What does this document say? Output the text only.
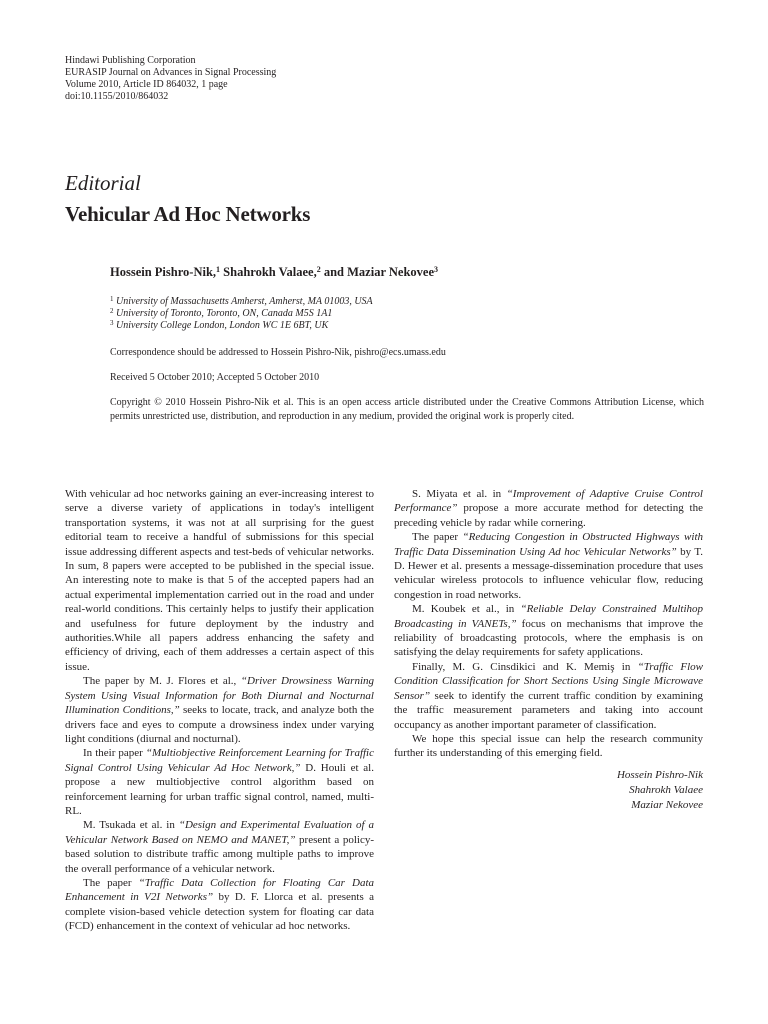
Hindawi Publishing Corporation
EURASIP Journal on Advances in Signal Processing
Volume 2010, Article ID 864032, 1 page
doi:10.1155/2010/864032
Editorial
Vehicular Ad Hoc Networks
Hossein Pishro-Nik,$^1$ Shahrokh Valaee,$^2$ and Maziar Nekovee$^3$
$^1$ University of Massachusetts Amherst, Amherst, MA 01003, USA
$^2$ University of Toronto, Toronto, ON, Canada M5S 1A1
$^3$ University College London, London WC 1E 6BT, UK
Correspondence should be addressed to Hossein Pishro-Nik, pishro@ecs.umass.edu
Received 5 October 2010; Accepted 5 October 2010
Copyright © 2010 Hossein Pishro-Nik et al. This is an open access article distributed under the Creative Commons Attribution License, which permits unrestricted use, distribution, and reproduction in any medium, provided the original work is properly cited.

With vehicular ad hoc networks gaining an ever-increasing interest to serve a diverse variety of applications in today's intelligent transportation systems, it was not at all surprising for the guest editorial team to receive a handful of submissions for this special issue addressing different aspects and test-beds of vehicular networks. In sum, 8 papers were accepted to be published in the special issue. An interesting note to make is that 5 of the accepted papers had an actual experimental implementation carried out in the road and under real-world conditions. This certainly helps to justify their application and usefulness for future deployment by the industry and authorities.While all papers address enhancing the safety and efficiency of driving, each of them addresses a certain aspect of this issue.

The paper by M. J. Flores et al., “Driver Drowsiness Warning System Using Visual Information for Both Diurnal and Nocturnal Illumination Conditions,” seeks to locate, track, and analyze both the drivers face and eyes to compute a drowsiness index under varying light conditions (diurnal and nocturnal).

In their paper “Multiobjective Reinforcement Learning for Traffic Signal Control Using Vehicular Ad Hoc Network,” D. Houli et al. propose a new multiobjective control algorithm based on reinforcement learning for urban traffic signal control, named, multi-RL.

M. Tsukada et al. in “Design and Experimental Evaluation of a Vehicular Network Based on NEMO and MANET,” present a policy-based solution to distribute traffic among multiple paths to improve the overall performance of a vehicular network.

The paper “Traffic Data Collection for Floating Car Data Enhancement in V2I Networks” by D. F. Llorca et al. presents a complete vision-based vehicle detection system for floating car data (FCD) enhancement in the context of vehicular ad hoc networks.

S. Miyata et al. in “Improvement of Adaptive Cruise Control Performance” propose a more accurate method for detecting the preceding vehicle by radar while cornering.

The paper “Reducing Congestion in Obstructed Highways with Traffic Data Dissemination Using Ad hoc Vehicular Networks” by T. D. Hewer et al. presents a message-dissemination procedure that uses vehicular wireless protocols to influence vehicular flow, reducing congestion in road networks.

M. Koubek et al., in “Reliable Delay Constrained Multihop Broadcasting in VANETs,” focus on mechanisms that improve the reliability of broadcasting protocols, where the emphasis is on satisfying the delay requirements for safety applications.

Finally, M. G. Cinsdikici and K. Memiş in “Traffic Flow Condition Classification for Short Sections Using Single Microwave Sensor” seek to identify the current traffic condition by examining the traffic measurement parameters and taking into account occupancy as another important parameter of classification.

We hope this special issue can help the research community further its understanding of this emerging field.

Hossein Pishro-Nik
Shahrokh Valaee
Maziar Nekovee
